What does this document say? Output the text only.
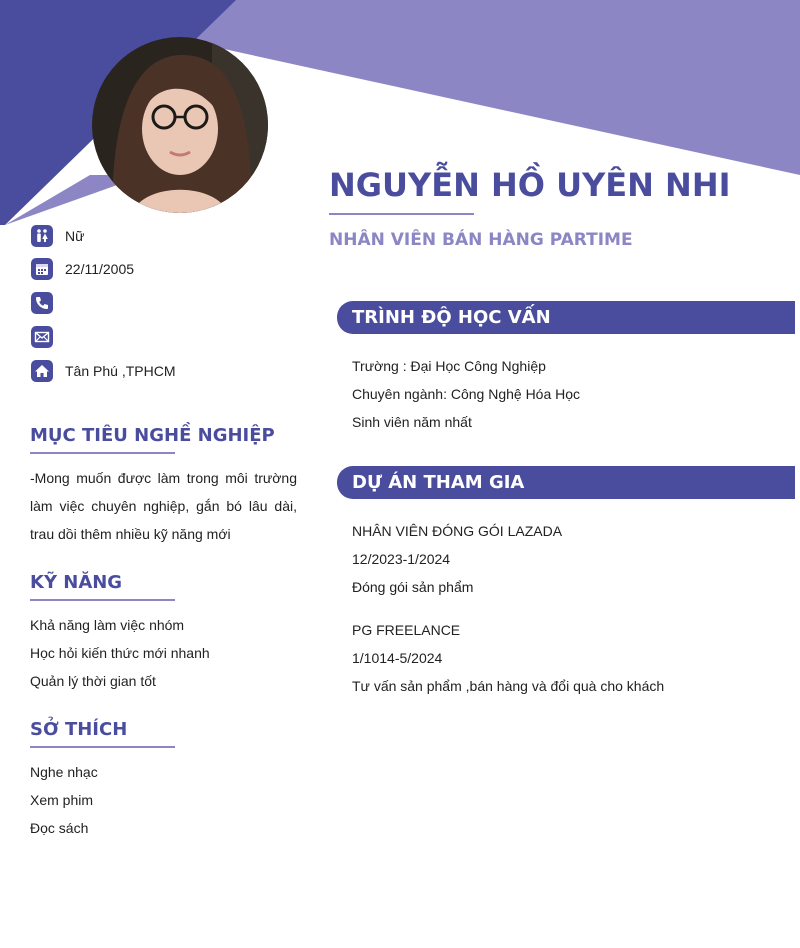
NGUYỄN HỒ UYÊN NHI
NHÂN VIÊN BÁN HÀNG PARTIME
Nữ
22/11/2005
Tân Phú ,TPHCM
MỤC TIÊU NGHỀ NGHIỆP
-Mong muốn được làm trong môi trường làm việc chuyên nghiệp, gắn bó lâu dài, trau dồi thêm nhiều kỹ năng mới
KỸ NĂNG
Khả năng làm việc nhóm
Học hỏi kiến thức mới nhanh
Quản lý thời gian tốt
SỞ THÍCH
Nghe nhạc
Xem phim
Đọc sách
TRÌNH ĐỘ HỌC VẤN
Trường : Đại Học Công Nghiệp
Chuyên ngành: Công Nghệ Hóa Học
Sinh viên năm nhất
DỰ ÁN THAM GIA
NHÂN VIÊN ĐÓNG GÓI LAZADA
12/2023-1/2024
Đóng gói sản phẩm
PG FREELANCE
1/1014-5/2024
Tư vấn sản phẩm ,bán hàng và đổi quà cho khách
